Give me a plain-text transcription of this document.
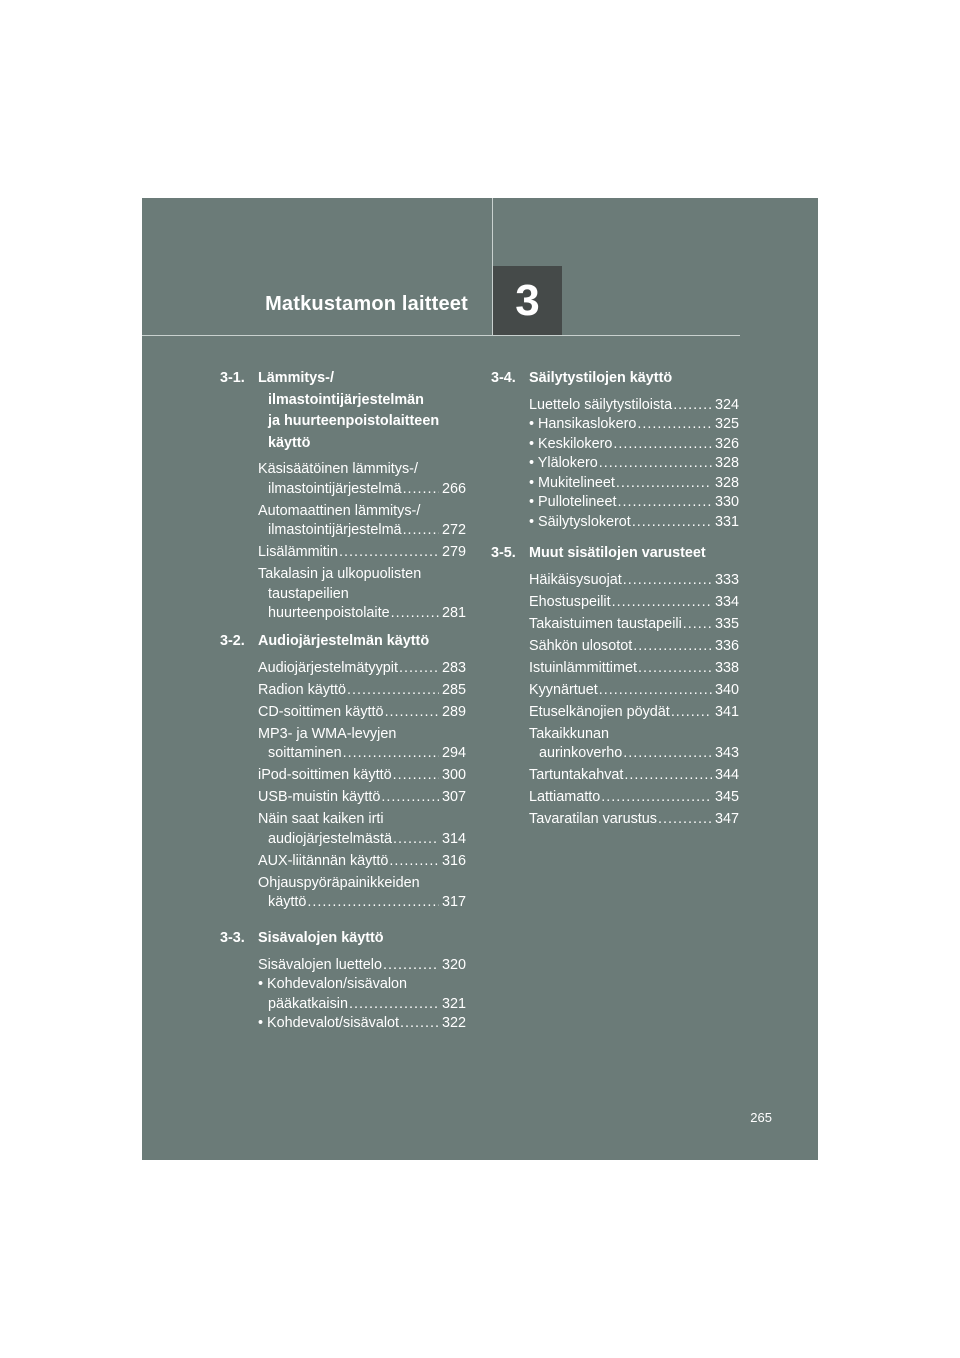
Matkustamon laitteet	3
3-1. Lämmitys-/
ilmastointijärjestelmän
ja huurteenpoistolaitteen
käyttö
Käsisäätöinen lämmitys-/
ilmastointijärjestelmä .....	266
Automaattinen lämmitys-/
ilmastointijärjestelmä .....	272
Lisälämmitin .....	279
Takalasin ja ulkopuolisten
taustapeilien
huurteenpoistolaite .....	281
3-2. Audiojärjestelmän käyttö
Audiojärjestelmätyypit .....	283
Radion käyttö .....	285
CD-soittimen käyttö .....	289
MP3- ja WMA-levyjen
soittaminen .....	294
iPod-soittimen käyttö .....	300
USB-muistin käyttö .....	307
Näin saat kaiken irti
audiojärjestelmästä .....	314
AUX-liitännän käyttö .....	316
Ohjauspyöräpainikkeiden
käyttö .....	317
3-3. Sisävalojen käyttö
Sisävalojen luettelo .....	320
• Kohdevalon/sisävalon
pääkatkaisin .....	321
• Kohdevalot/sisävalot .....	322
3-4. Säilytystilojen käyttö
Luettelo säilytystiloista .....	324
• Hansikaslokero .....	325
• Keskilokero .....	326
• Ylälokero .....	328
• Mukitelineet .....	328
• Pullotelineet .....	330
• Säilytyslokerot .....	331
3-5. Muut sisätilojen varusteet
Häikäisysuojat .....	333
Ehostuspeilit .....	334
Takaistuimen taustapeili ..... 335
Sähkön ulosotot .....	336
Istuinlämmittimet .....	338
Kyynärtuet .....	340
Etuselkänojien pöydät .....	341
Takaikkunan
aurinkoverho .....	343
Tartuntakahvat .....	344
Lattiamatto .....	345
Tavaratilan varustus .....	347
265
